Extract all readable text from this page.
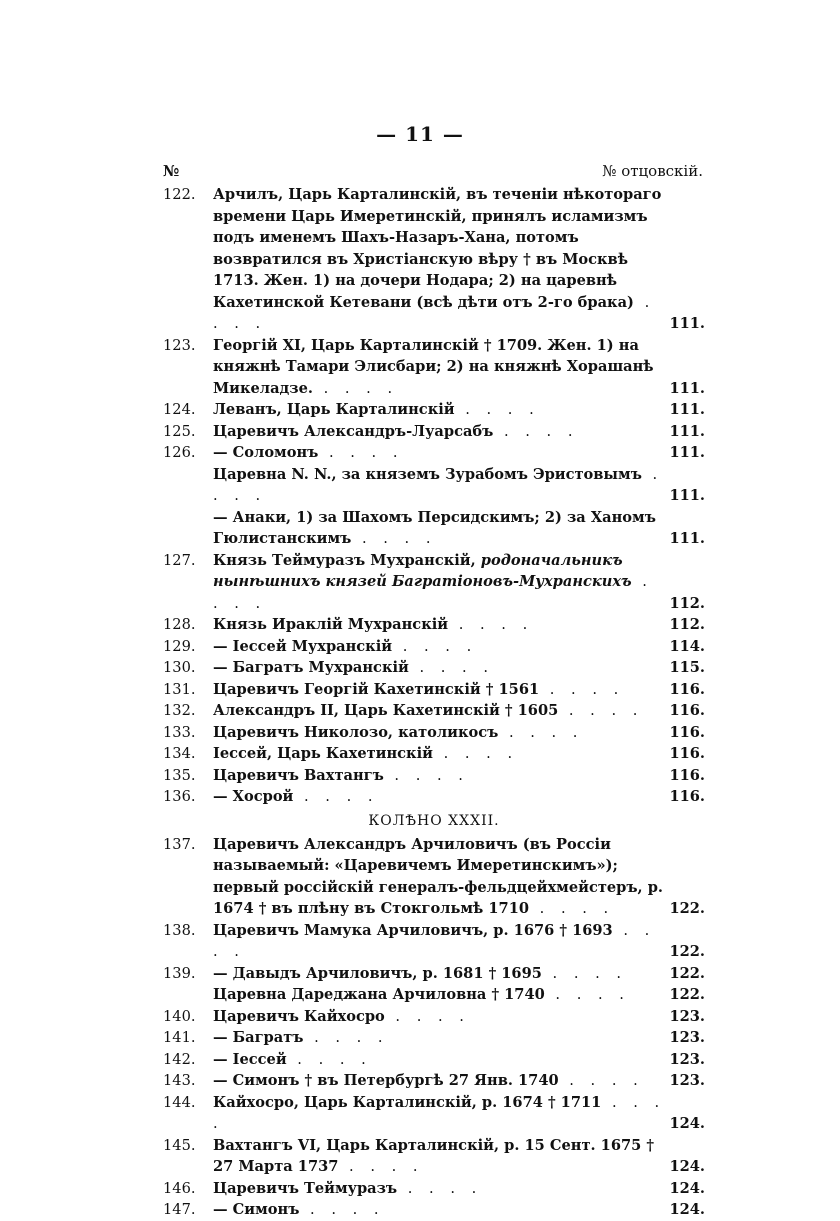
— 11 —
№	№ отцовскій.
122.	Арчилъ, Царь Карталинскій, въ теченіи нѣкотораго времени Царь Имеретинскій, принялъ исламизмъ подъ именемъ Шахъ-Назаръ-Хана, потомъ возвратился въ Христіанскую вѣру † въ Москвѣ 1713. Жен. 1) на дочери Нодара; 2) на царевнѣ Кахетинской Кетевани (всѣ дѣти отъ 2-го брака) . . . .	111.
123.	Георгій XI, Царь Карталинскій † 1709. Жен. 1) на княжнѣ Тамари Элисбари; 2) на княжнѣ Хорашанѣ Микеладзе. . . . .	111.
124.	Леванъ, Царь Карталинскій . . . .	111.
125.	Царевичъ Александръ-Луарсабъ . . . .	111.
126.	— Соломонъ . . . .	111.
Царевна N. N., за княземъ Зурабомъ Эристовымъ . . . .	111.
— Анаки, 1) за Шахомъ Персидскимъ; 2) за Ханомъ Гюлистанскимъ . . . .	111.
127.	Князь Теймуразъ Мухранскій, родоначальникъ нынѣшнихъ князей Багратіоновъ-Мухранскихъ . . . .	112.
128.	Князь Ираклій Мухранскій . . . .	112.
129.	— Іессей Мухранскій . . . .	114.
130.	— Багратъ Мухранскій . . . .	115.
131.	Царевичъ Георгій Кахетинскій † 1561 . . . .	116.
132.	Александръ II, Царь Кахетинскій † 1605 . . . .	116.
133.	Царевичъ Николозо, католикосъ . . . .	116.
134.	Іессей, Царь Кахетинскій . . . .	116.
135.	Царевичъ Вахтангъ . . . .	116.
136.	— Хосрой . . . .	116.
КОЛѢНО XXXII.
137.	Царевичъ Александръ Арчиловичъ (въ Россіи называемый: «Царевичемъ Имеретинскимъ»); первый россійскій генералъ-фельдцейхмейстеръ, р. 1674 † въ плѣну въ Стокгольмѣ 1710 . . . .	122.
138.	Царевичъ Мамука Арчиловичъ, р. 1676 † 1693 . . . .	122.
139.	— Давыдъ Арчиловичъ, р. 1681 † 1695 . . . .	122.
Царевна Дареджана Арчиловна † 1740 . . . .	122.
140.	Царевичъ Кайхосро . . . .	123.
141.	— Багратъ . . . .	123.
142.	— Іессей . . . .	123.
143.	— Симонъ † въ Петербургѣ 27 Янв. 1740 . . . .	123.
144.	Кайхосро, Царь Карталинскій, р. 1674 † 1711 . . . .	124.
145.	Вахтангъ VI, Царь Карталинскій, р. 15 Сент. 1675 † 27 Марта 1737 . . . .	124.
146.	Царевичъ Теймуразъ . . . .	124.
147.	— Симонъ . . . .	124.
